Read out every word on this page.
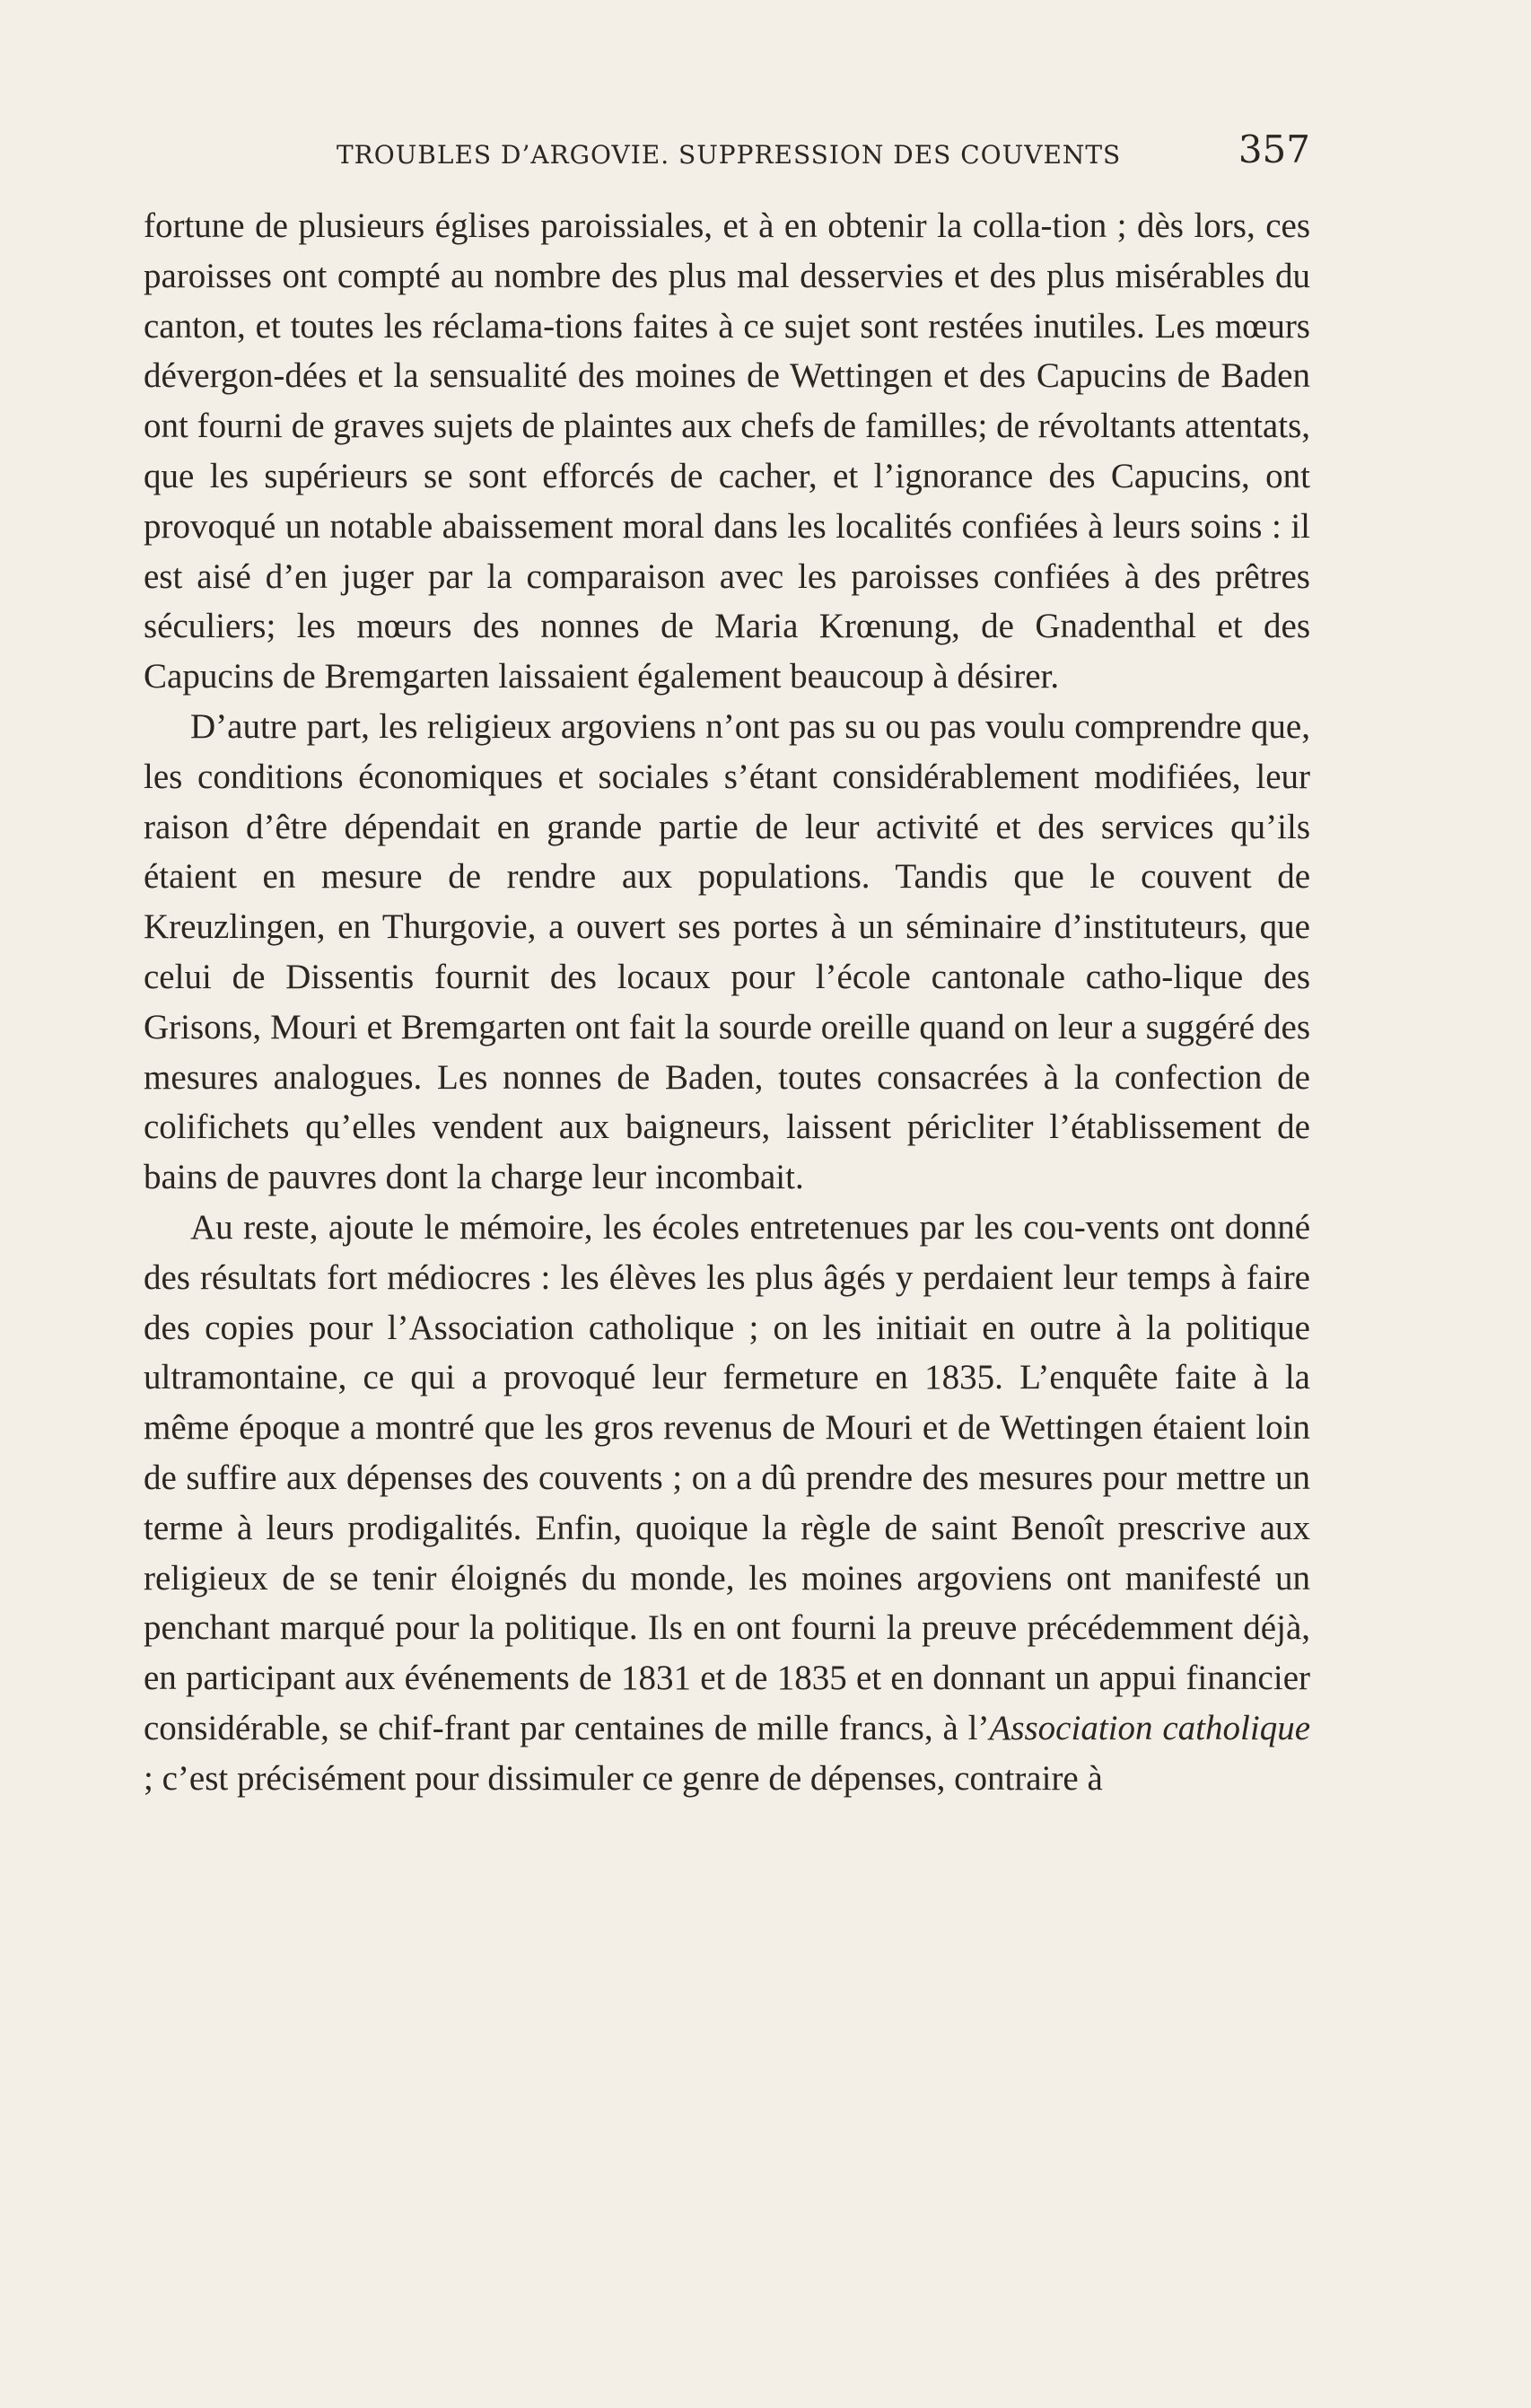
TROUBLES D’ARGOVIE. SUPPRESSION DES COUVENTS	357

fortune de plusieurs églises paroissiales, et à en obtenir la colla-tion ; dès lors, ces paroisses ont compté au nombre des plus mal desservies et des plus misérables du canton, et toutes les réclama-tions faites à ce sujet sont restées inutiles. Les mœurs dévergon-dées et la sensualité des moines de Wettingen et des Capucins de Baden ont fourni de graves sujets de plaintes aux chefs de familles; de révoltants attentats, que les supérieurs se sont efforcés de cacher, et l’ignorance des Capucins, ont provoqué un notable abaissement moral dans les localités confiées à leurs soins : il est aisé d’en juger par la comparaison avec les paroisses confiées à des prêtres séculiers; les mœurs des nonnes de Maria Krœnung, de Gnadenthal et des Capucins de Bremgarten laissaient également beaucoup à désirer.

D’autre part, les religieux argoviens n’ont pas su ou pas voulu comprendre que, les conditions économiques et sociales s’étant considérablement modifiées, leur raison d’être dépendait en grande partie de leur activité et des services qu’ils étaient en mesure de rendre aux populations. Tandis que le couvent de Kreuzlingen, en Thurgovie, a ouvert ses portes à un séminaire d’instituteurs, que celui de Dissentis fournit des locaux pour l’école cantonale catho-lique des Grisons, Mouri et Bremgarten ont fait la sourde oreille quand on leur a suggéré des mesures analogues. Les nonnes de Baden, toutes consacrées à la confection de colifichets qu’elles vendent aux baigneurs, laissent péricliter l’établissement de bains de pauvres dont la charge leur incombait.

Au reste, ajoute le mémoire, les écoles entretenues par les cou-vents ont donné des résultats fort médiocres : les élèves les plus âgés y perdaient leur temps à faire des copies pour l’Association catholique ; on les initiait en outre à la politique ultramontaine, ce qui a provoqué leur fermeture en 1835. L’enquête faite à la même époque a montré que les gros revenus de Mouri et de Wettingen étaient loin de suffire aux dépenses des couvents ; on a dû prendre des mesures pour mettre un terme à leurs prodigalités. Enfin, quoique la règle de saint Benoît prescrive aux religieux de se tenir éloignés du monde, les moines argoviens ont manifesté un penchant marqué pour la politique. Ils en ont fourni la preuve précédemment déjà, en participant aux événements de 1831 et de 1835 et en donnant un appui financier considérable, se chif-frant par centaines de mille francs, à l’Association catholique ; c’est précisément pour dissimuler ce genre de dépenses, contraire à
